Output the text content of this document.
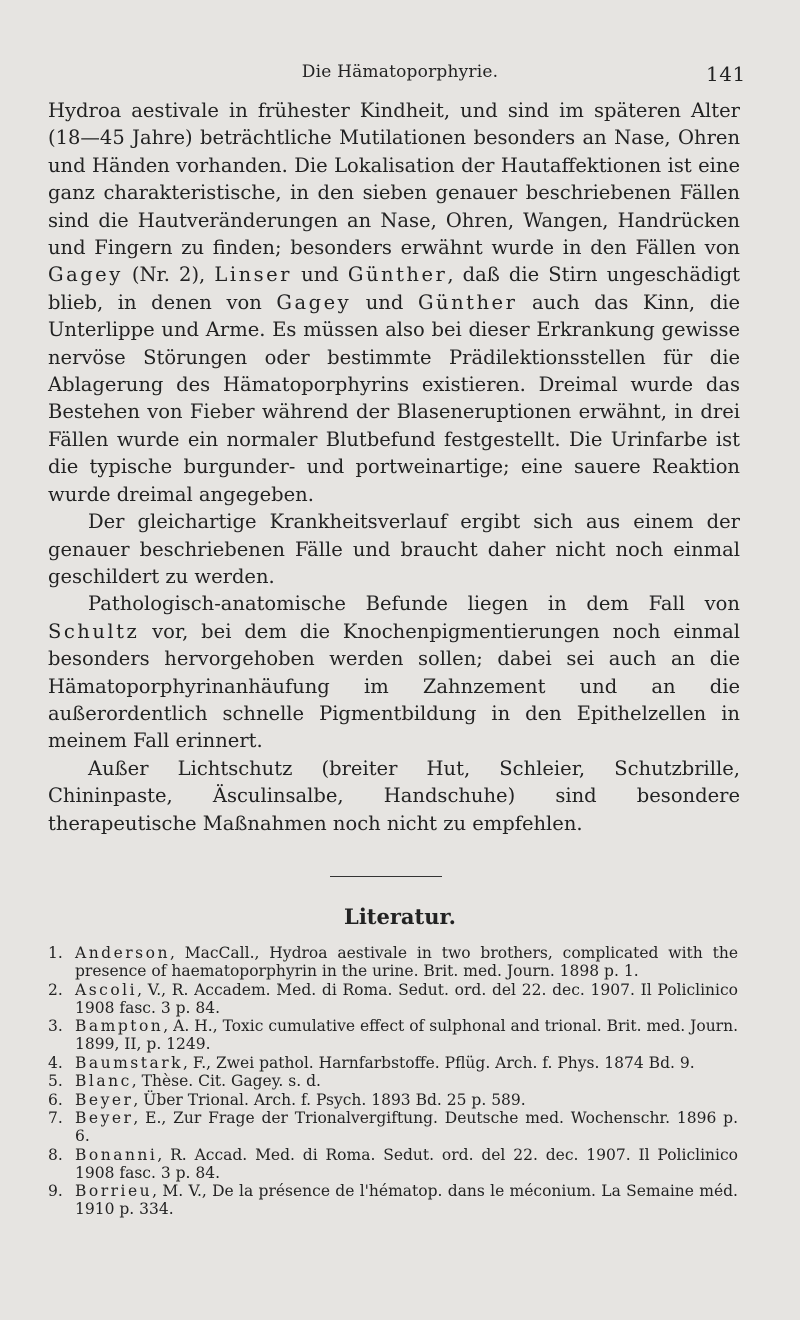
Die Hämatoporphyrie.	141

Hydroa aestivale in frühester Kindheit, und sind im späteren Alter (18—45 Jahre) beträchtliche Mutilationen besonders an Nase, Ohren und Händen vorhanden. Die Lokalisation der Hautaffektionen ist eine ganz charakteristische, in den sieben genauer beschriebenen Fällen sind die Hautveränderungen an Nase, Ohren, Wangen, Handrücken und Fingern zu finden; besonders erwähnt wurde in den Fällen von Gagey (Nr. 2), Linser und Günther, daß die Stirn ungeschädigt blieb, in denen von Gagey und Günther auch das Kinn, die Unterlippe und Arme. Es müssen also bei dieser Erkrankung gewisse nervöse Störungen oder bestimmte Prädilektionsstellen für die Ablagerung des Hämatoporphyrins existieren. Dreimal wurde das Bestehen von Fieber während der Blaseneruptionen erwähnt, in drei Fällen wurde ein normaler Blutbefund festgestellt. Die Urinfarbe ist die typische burgunder- und portweinartige; eine sauere Reaktion wurde dreimal angegeben.

Der gleichartige Krankheitsverlauf ergibt sich aus einem der genauer beschriebenen Fälle und braucht daher nicht noch einmal geschildert zu werden.

Pathologisch-anatomische Befunde liegen in dem Fall von Schultz vor, bei dem die Knochenpigmentierungen noch einmal besonders hervorgehoben werden sollen; dabei sei auch an die Hämatoporphyrinanhäufung im Zahnzement und an die außerordentlich schnelle Pigmentbildung in den Epithelzellen in meinem Fall erinnert.

Außer Lichtschutz (breiter Hut, Schleier, Schutzbrille, Chininpaste, Äsculinsalbe, Handschuhe) sind besondere therapeutische Maßnahmen noch nicht zu empfehlen.

Literatur.
1. Anderson, MacCall., Hydroa aestivale in two brothers, complicated with the presence of haematoporphyrin in the urine. Brit. med. Journ. 1898 p. 1.
2. Ascoli, V., R. Accadem. Med. di Roma. Sedut. ord. del 22. dec. 1907. Il Policlinico 1908 fasc. 3 p. 84.
3. Bampton, A. H., Toxic cumulative effect of sulphonal and trional. Brit. med. Journ. 1899, II, p. 1249.
4. Baumstark, F., Zwei pathol. Harnfarbstoffe. Pflüg. Arch. f. Phys. 1874 Bd. 9.
5. Blanc, Thèse. Cit. Gagey. s. d.
6. Beyer, Über Trional. Arch. f. Psych. 1893 Bd. 25 p. 589.
7. Beyer, E., Zur Frage der Trionalvergiftung. Deutsche med. Wochenschr. 1896 p. 6.
8. Bonanni, R. Accad. Med. di Roma. Sedut. ord. del 22. dec. 1907. Il Policlinico 1908 fasc. 3 p. 84.
9. Borrieu, M. V., De la présence de l'hématop. dans le méconium. La Semaine méd. 1910 p. 334.
